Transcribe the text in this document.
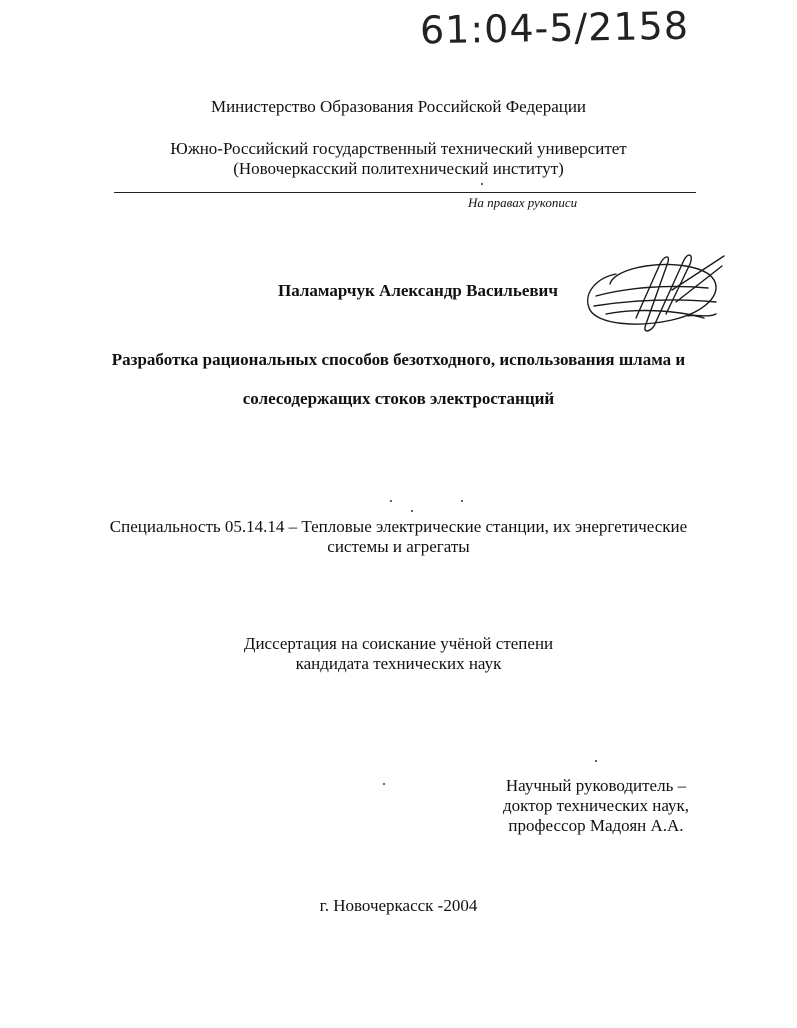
61:04-5/2158
Министерство Образования Российской Федерации
Южно-Российский государственный технический университет
(Новочеркасский политехнический институт)
На правах рукописи
Паламарчук Александр Васильевич
Разработка рациональных способов безотходного, использования шлама и
солесодержащих стоков электростанций
Специальность 05.14.14 – Тепловые электрические станции, их энергетические
системы и агрегаты
Диссертация на соискание учёной степени
кандидата технических наук
Научный руководитель –
доктор технических наук,
профессор Мадоян А.А.
г. Новочеркасск -2004
